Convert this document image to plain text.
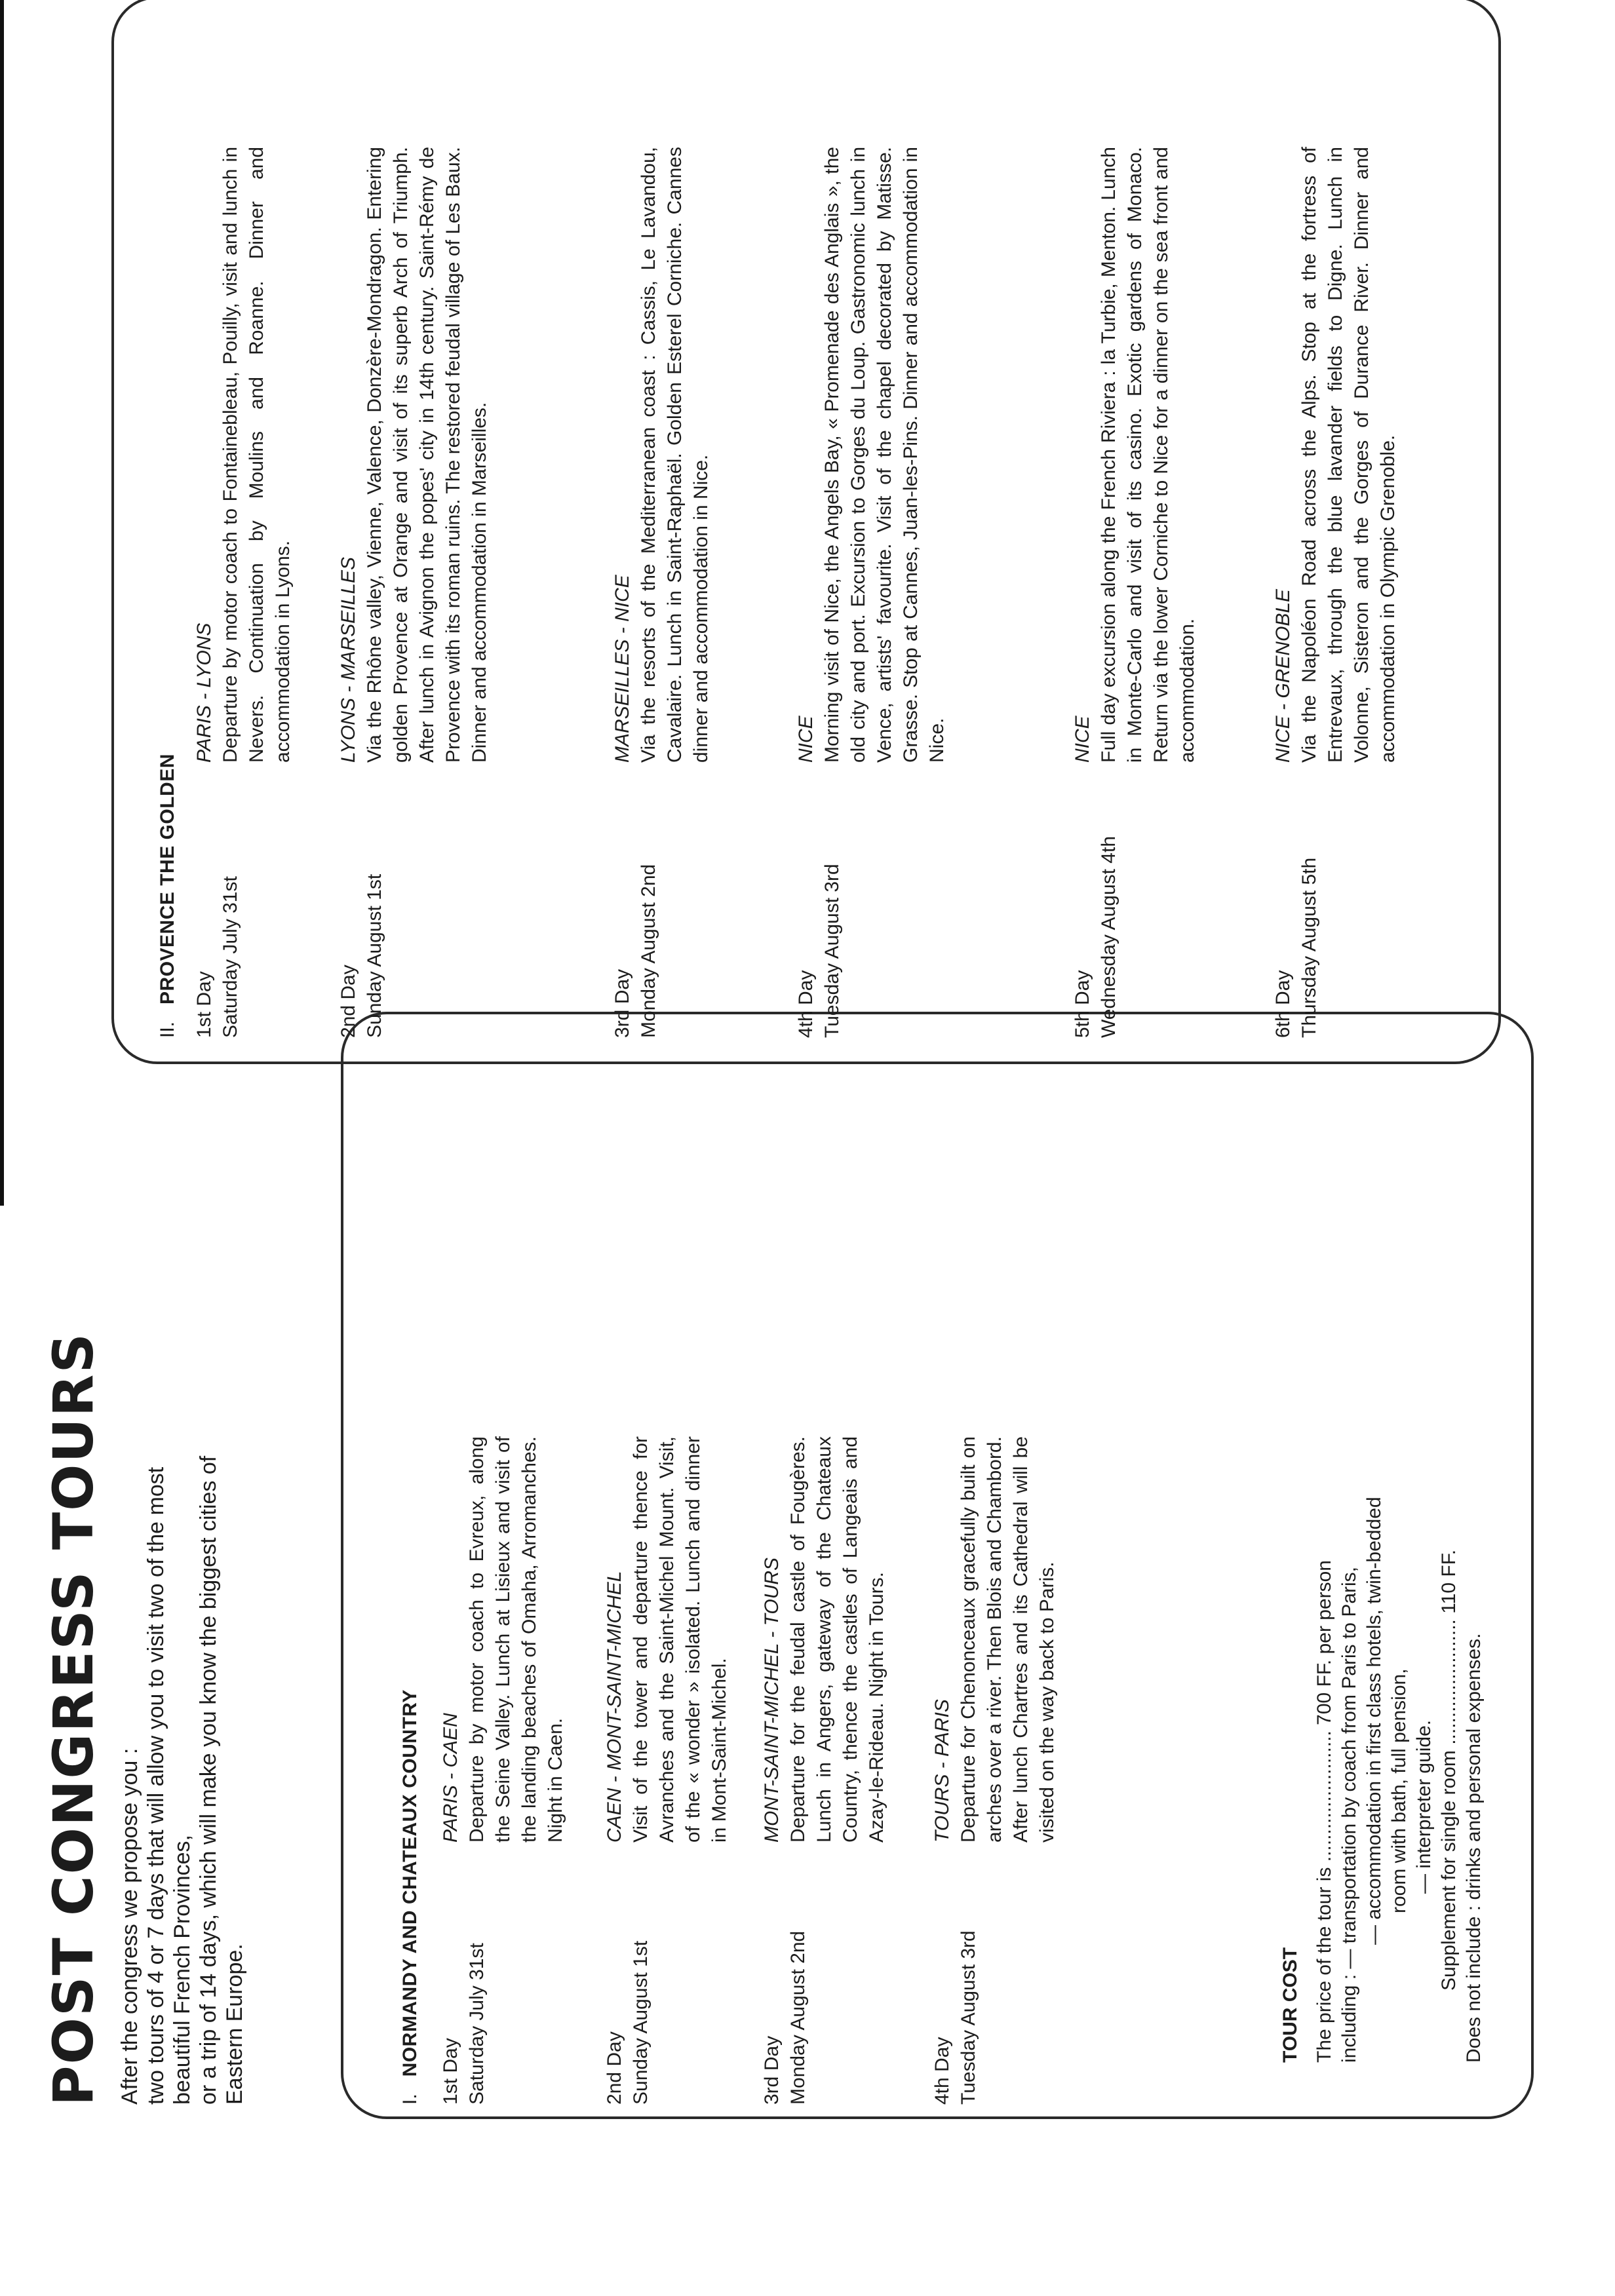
POST CONGRESS TOURS After the congress we propose you : two tours of 4 or 7 days that will allow you to visit two of the most beautiful French Provinces, or a trip of 14 days, which will make you know the biggest cities of Eastern Europe.	I.NORMANDY AND CHATEAUX COUNTRY 1st Day Saturday July 31st
PARIS - CAEN Departure by motor coach to Evreux, along the Seine Valley. Lunch at Lisieux and visit of the landing beaches of Omaha, Arromanches. Night in Caen.
2nd Day Sunday August 1st
CAEN - MONT-SAINT-MICHEL Visit of the tower and departure thence for Avranches and the Saint-Michel Mount. Visit, of the « wonder » isolated. Lunch and dinner in Mont-Saint-Michel.
3rd Day Monday August 2nd
MONT-SAINT-MICHEL - TOURS Departure for the feudal castle of Fougères. Lunch in Angers, gateway of the Chateaux Country, thence the castles of Langeais and Azay-le-Rideau. Night in Tours.
4th Day Tuesday August 3rd
TOURS - PARIS Departure for Chenonceaux gracefully built on arches over a river. Then Blois and Chambord. After lunch Chartres and its Cathedral will be visited on the way back to Paris.
TOUR COST The price of the tour is ........................ 700 FF. per person including : — transportation by coach from Paris to Paris, — accommodation in first class hotels, twin-bedded room with bath, full pension, — interpreter guide. Supplement for single room ....................... 110 FF. Does not include : drinks and personal expenses.
II.PROVENCE THE GOLDEN
1st Day Saturday July 31st
PARIS - LYONS Departure by motor coach to Fontainebleau, Pouilly, visit and lunch in Nevers. Continuation by Moulins and Roanne. Dinner and accommodation in Lyons.
2nd Day Sunday August 1st
LYONS - MARSEILLES Via the Rhône valley, Vienne, Valence, Donzère-Mondragon. Entering golden Provence at Orange and visit of its superb Arch of Triumph. After lunch in Avignon the popes' city in 14th century. Saint-Rémy de Provence with its roman ruins. The restored feudal village of Les Baux. Dinner and accommodation in Marseilles.
3rd Day Monday August 2nd
MARSEILLES - NICE Via the resorts of the Mediterranean coast : Cassis, Le Lavandou, Cavalaire. Lunch in Saint-Raphaël. Golden Esterel Corniche. Cannes dinner and accommodation in Nice.
4th Day Tuesday August 3rd
NICE Morning visit of Nice, the Angels Bay, « Promenade des Anglais », the old city and port. Excursion to Gorges du Loup. Gastronomic lunch in Vence, artists' favourite. Visit of the chapel decorated by Matisse. Grasse. Stop at Cannes, Juan-les-Pins. Dinner and accommodation in Nice.
5th Day Wednesday August 4th
NICE Full day excursion along the French Riviera : la Turbie, Menton. Lunch in Monte-Carlo and visit of its casino. Exotic gardens of Monaco. Return via the lower Corniche to Nice for a dinner on the sea front and accommodation.
6th Day Thursday August 5th
NICE - GRENOBLE Via the Napoléon Road across the Alps. Stop at the fortress of Entrevaux, through the blue lavander fields to Digne. Lunch in Volonne, Sisteron and the Gorges of Durance River. Dinner and accommodation in Olympic Grenoble.
